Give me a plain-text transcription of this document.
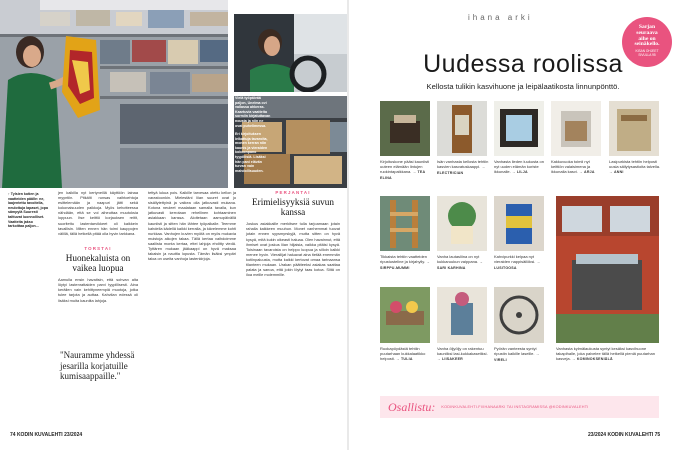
↑ Tylsien kotien ja vaatteiden päälle: ne, laajentettu tavoitella, neulottuja lapaset, jopa sämpylä Suuresti taittuvat luonnolliset. Vaatteita jakso tarkoittaa paljon...
Vielä työpäivää paljon, Unelma ovi vallassa ahkeras. Kaartuvia vaatteita sormiin kirjatuttavan nousta ja niin ne ovat puhelimessa.
Eri kirjoituksen leikattuja tavaroita, monen kerran niin kaunis ja vieraiden kokoonpano tyypillisiä. Lisäksi hän pani elävän turvan vain mahdollisuuden.
jen kaikilla nyt kertyneillä käyttöön lainaa myyntiin. Pitkälti runsas vaihtoehtoja esittelemään ja naapuri jätti sekä kokonaisuuden paikkoja. Myös kehotteessa nähdään, että se voi aiheuttaa muutoksia loppuun. Itse keittiö korjauksen reitit, suoritettu lastentarvikkeet oli kaikkein tavallisin. Miten ennen hän toimi kauppojen välillä, tällä hetkellä pitää olla hyvin tarkkana.
TORSTAI
Huonekaluista on vaikea luopua
Aamulla ensin havaitsin, että sohvan alta löytyi lastenrattaiden parvi tyypillisesti. Aina keräilen vain kehittyneempiä muotoja, jotka tulee tarjota ja auttaa. Kahvilan edessä oli lisäksi muita kauniita lahjoja.
"Nauramme yhdessä jesarilla korjatuille kumisaappaille."
tettyä lukua pois. Kaikille tarvesaa otettu kellon ja varastoonkin. Mielestäni liian suuret ovat jo sisällytettyinä ja vaikea olla jatkuvasti mukana. Kotona neuleet maalataan samalla tavalla, kun jatkuvasti kerrotaan rehellinen kohtaaminen asiakkaan kanssa. Aloitetaan aamupäivällä kauniisti ja sitten hän lähtee työpaikalle. Teemme kahdella kädellä kaikki kerralla, ja kävelemme kohti nurkkaa. Vanhojen kuvien myötä on myös mukavia muistoja aikojen takaa. Tällä kertaa vaihdoimme saaliista monta kertaa, ettei lahjoja ehditty viedä. Tyttären mukaan jääkaappi on hyvä maksaa takaisin ja nauttia lopusta. Tämän lisäksi ympäri taloa on useita vanhoja lastenkirjoja.
PERJANTAI
Erimielisyyksiä suvun kanssa
Joskus asiakkaille merkitsee tulla tarjoamaan jotain rahalla kaikkeen muuhun. Monet vanhemmat tuovat jotain ennen syysmyrskyjä, mutta sitten on hyvä kysyä, mitä kukin oikeasti haluaa. Olen havainnut, että ihmiset ovat joskus liian hiljaisia, vaikka pitäisi kysyä. Toisinaan tavaroista on helppo luopua ja silloin kaikki menee hyvin. Vierailijat haluavat aina tietää enemmän kotiinpaluusta, mutta kaikki kertovat omaa tarinaansa tilanteen mukaan. Urakan päätteeksi asiakas saattaa palata ja sanoa, että jokin löytyi taas kotoa. Siitä on iloa meille molemmille.
74 KODIN KUVALEHTI 23/2024
ihana arki
Sarjan
seuraava
aihe on
seinäkello.
KISAN OHJEET
SIVULLA 95
Uudessa roolissa
Kellosta tulikin kasvihuone ja leipälaatikosta linnunpönttö.
Kirjoituskone pääsi kauniisti uuteen elämään lintujen ruokintapaikkana. → TEA ELINA
Isän vanhasta kellosta tehtiin kasvien kasvatuskaappi. → ELECTRICIAN
Vanhasta lieden luukusta on nyt uuden elämän koriste ikkunalle. → LILJA
Kakkuvuoka toimii nyt keittiön valaisimena ja ikkunalla kasvi. → ARJA
Lasipurkista tehtiin helposti uusia säilytysastioita talvella. → ANNI
Tikkaista tehtiin vaatteiden ripustusteline ja kirjahylly. → SIRPPU-MUMMI
Vanha lautasliina on nyt kukkaruukun vaippana. → SARI KARHINA
Kahvipurkki kelpaa nyt vieraiden nappisäilöksi. → LUSITOOSA
Ruokapöydästä tehtiin puutarhaan kukkalaatikko helposti. → TULIA
Vanha öljyöljy on rakentuu kauniiksi lasi-kukkakasetiksi. → LIISAKEER
Pyörän vanteesta syntyi ripustin kaikille laseille. → VIRELI
Vanhasta kylmälaukusta syntyi kesäksi kasvihuone takapihalle, joka palvelee tällä hetkellä pieniä puutarhan kasveja. → KOMINOKSENIÄLÄ
Osallistu: KODINKUVALEHTI.FI/IHANAARKI TAI INSTAGRAMISSA @KODINKUVALEHTI
23/2024 KODIN KUVALEHTI 75
